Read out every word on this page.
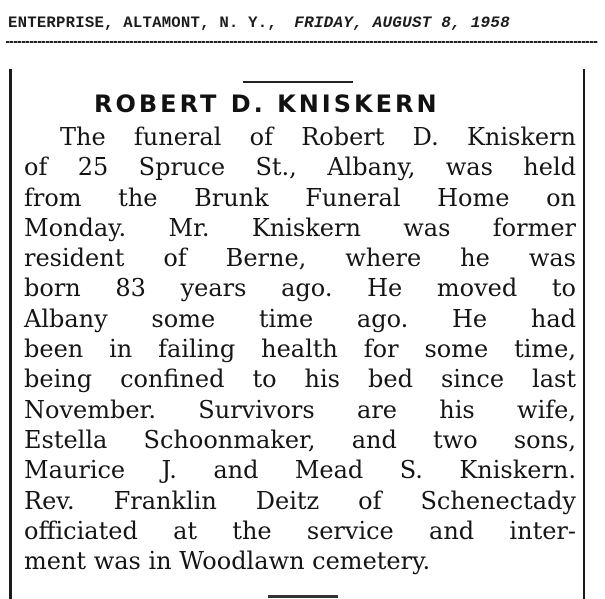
ENTERPRISE, ALTAMONT, N. Y., FRIDAY, AUGUST 8, 1958
ROBERT D. KNISKERN
The funeral of Robert D. Kniskern
of 25 Spruce St., Albany, was held
from the Brunk Funeral Home on
Monday. Mr. Kniskern was former
resident of Berne, where he was
born 83 years ago. He moved to
Albany some time ago. He had
been in failing health for some time,
being confined to his bed since last
November. Survivors are his wife,
Estella Schoonmaker, and two sons,
Maurice J. and Mead S. Kniskern.
Rev. Franklin Deitz of Schenectady
officiated at the service and inter-
ment was in Woodlawn cemetery.
